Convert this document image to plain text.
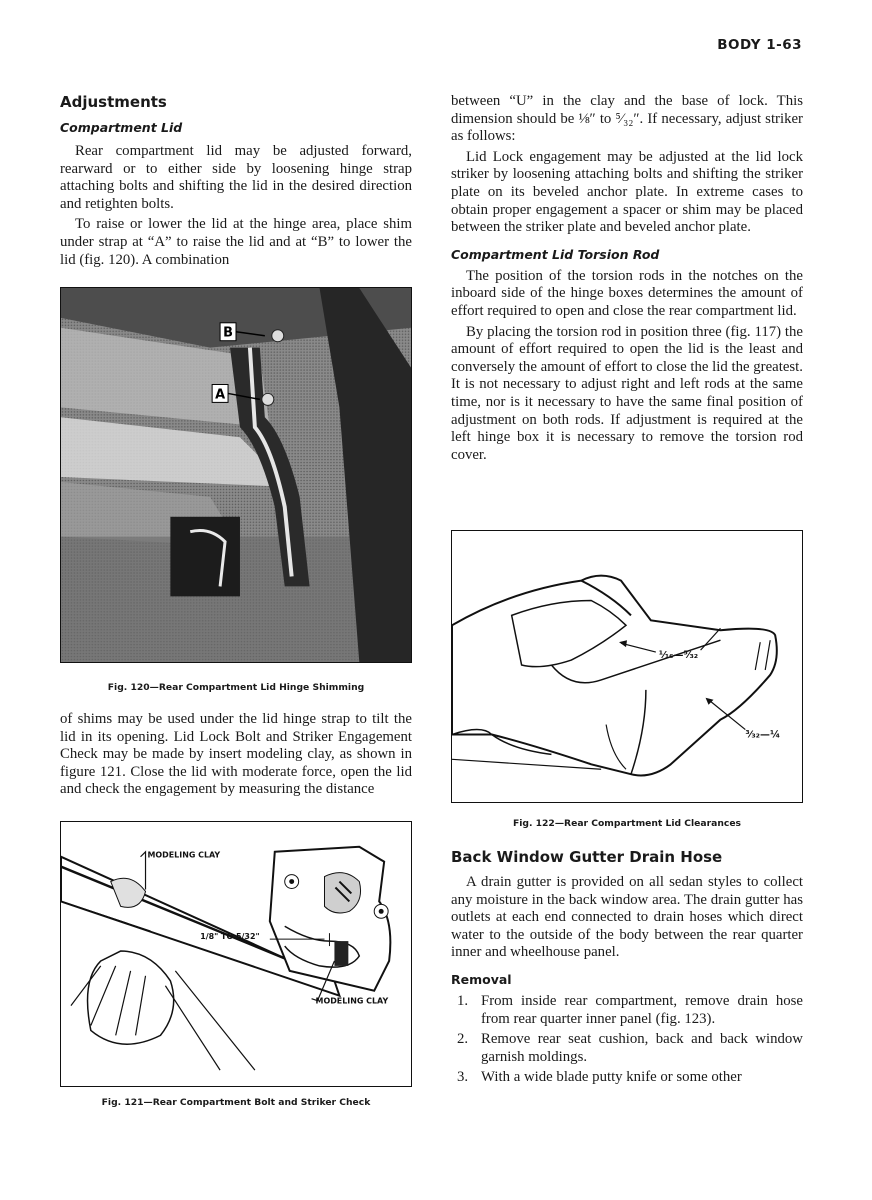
BODY 1-63
Adjustments
Compartment Lid

Rear compartment lid may be adjusted forward, rearward or to either side by loosening hinge strap attaching bolts and shifting the lid in the desired direction and retighten bolts.

To raise or lower the lid at the hinge area, place shim under strap at “A” to raise the lid and at “B” to lower the lid (fig. 120). A combination

B
A
Fig. 120—Rear Compartment Lid Hinge Shimming

of shims may be used under the lid hinge strap to tilt the lid in its opening. Lid Lock Bolt and Striker Engagement Check may be made by insert modeling clay, as shown in figure 121. Close the lid with moderate force, open the lid and check the engagement by measuring the distance

MODELING CLAY
1/8" TO 5/32"
MODELING CLAY
Fig. 121—Rear Compartment Bolt and Striker Check

between “U” in the clay and the base of lock. This dimension should be ⅛″ to ⁵⁄₃₂″. If necessary, adjust striker as follows:

Lid Lock engagement may be adjusted at the lid lock striker by loosening attaching bolts and shifting the striker plate on its beveled anchor plate. In extreme cases to obtain proper engagement a spacer or shim may be placed between the striker plate and beveled anchor plate.

Compartment Lid Torsion Rod

The position of the torsion rods in the notches on the inboard side of the hinge boxes determines the amount of effort required to open and close the rear compartment lid.

By placing the torsion rod in position three (fig. 117) the amount of effort required to open the lid is the least and conversely the amount of effort to close the lid the greatest. It is not necessary to adjust right and left rods at the same time, nor is it necessary to have the same final position of adjustment on both rods. If adjustment is required at the left hinge box it is necessary to remove the torsion rod cover.

¹⁄₁₆—⁵⁄₃₂
³⁄₃₂—¼
Fig. 122—Rear Compartment Lid Clearances
Back Window Gutter Drain Hose

A drain gutter is provided on all sedan styles to collect any moisture in the back window area. The drain gutter has outlets at each end connected to drain hoses which direct water to the outside of the body between the rear quarter inner and wheelhouse panel.

Removal
1. From inside rear compartment, remove drain hose from rear quarter inner panel (fig. 123).
2. Remove rear seat cushion, back and back window garnish moldings.
3. With a wide blade putty knife or some other
